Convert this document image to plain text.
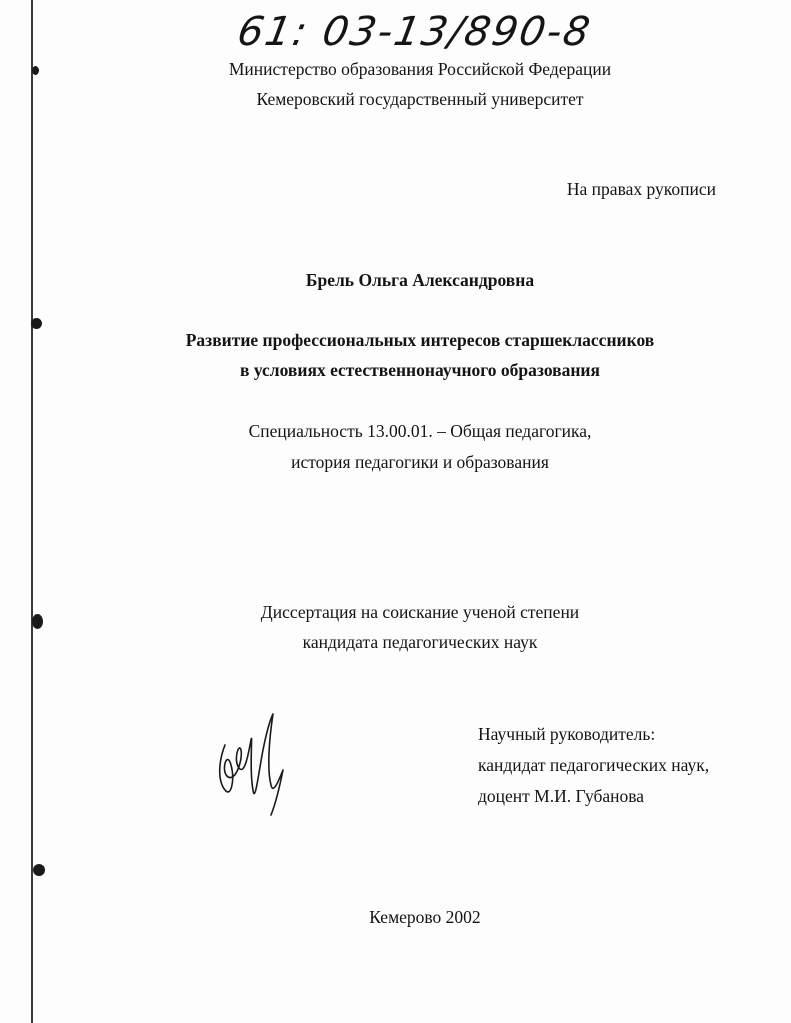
61: 03-13/890-8
Министерство образования Российской Федерации
Кемеровский государственный университет
На правах рукописи
Брель Ольга Александровна
Развитие профессиональных интересов старшеклассников
в условиях естественнонаучного образования
Специальность 13.00.01. – Общая педагогика,
история педагогики и образования
Диссертация на соискание ученой степени
кандидата педагогических наук
Научный руководитель:
кандидат педагогических наук,
доцент М.И. Губанова
Кемерово 2002
